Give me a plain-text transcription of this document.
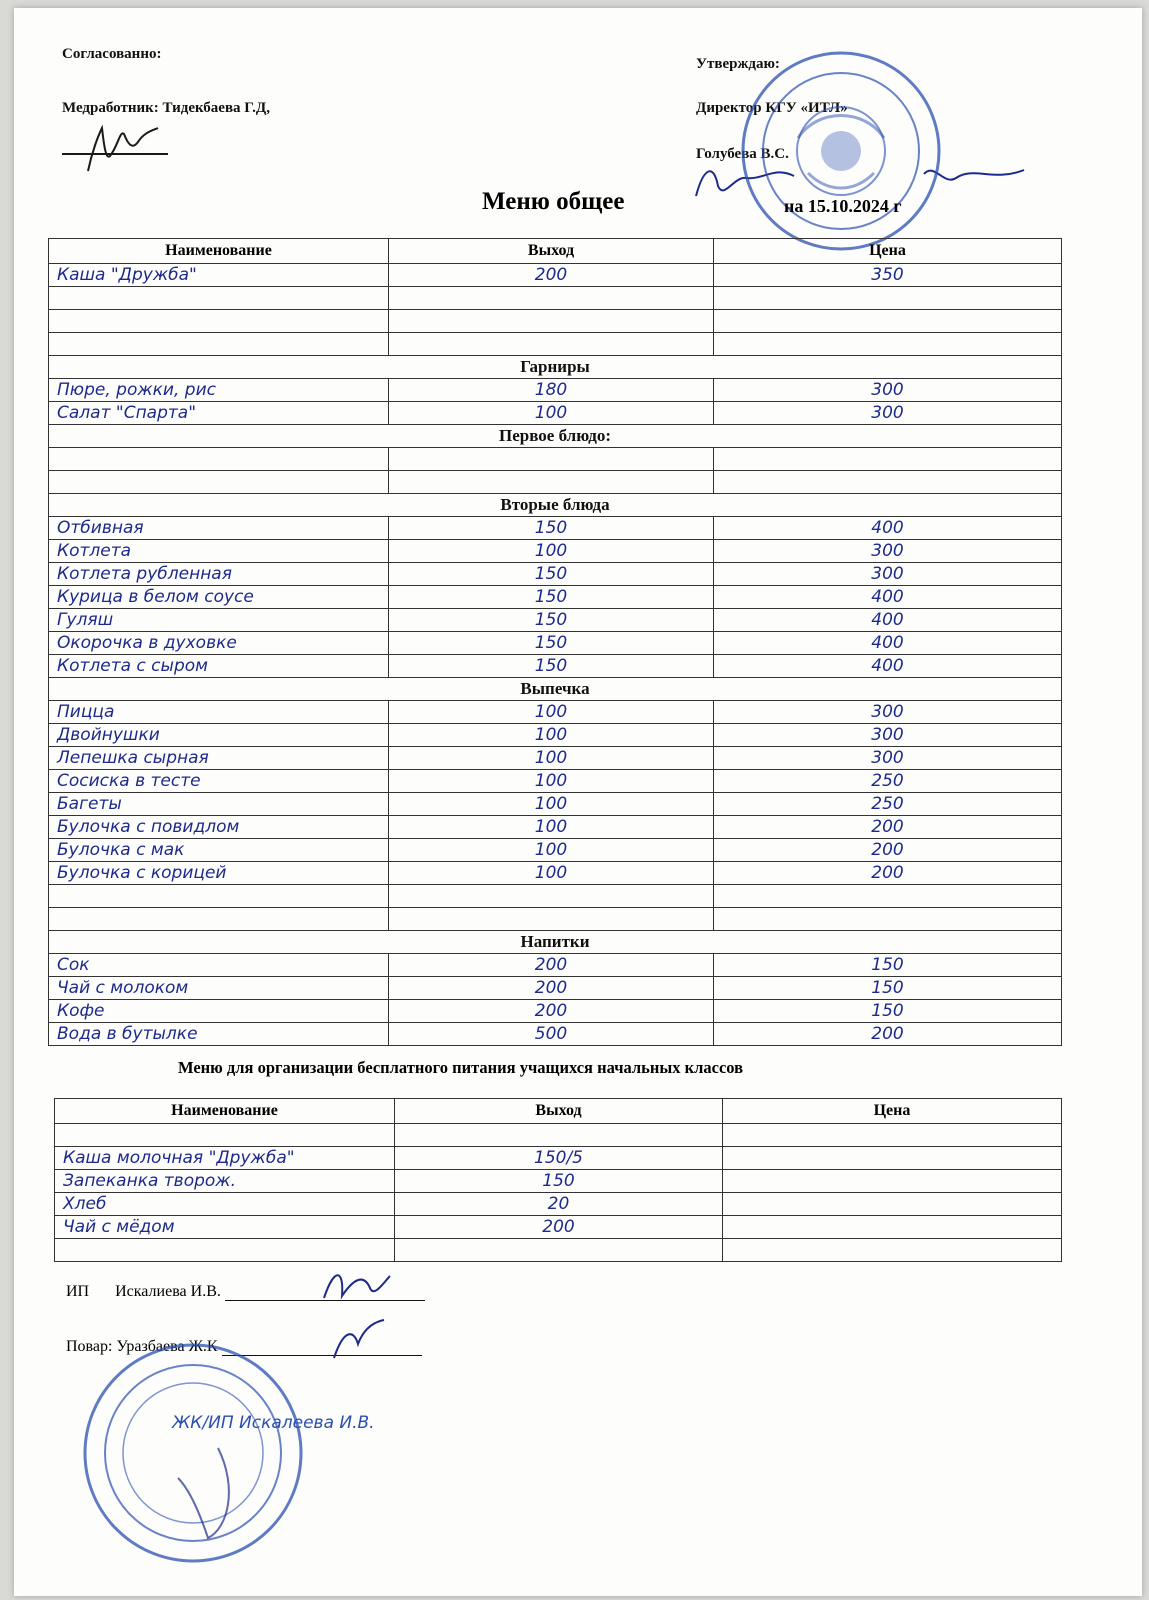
Согласованно:
Медработник: Тидекбаева Г.Д,
Утверждаю:
Директор КГУ «ИТЛ»
Голубева В.С.
Меню общее	на 15.10.2024 г
Наименование	Выход	Цена
Каша "Дружба"	200	350

Гарниры		
Пюре, рожки, рис	180	300
Салат "Спарта"	100	300
Первое блюдо:		

Вторые блюда		
Отбивная	150	400
Котлета	100	300
Котлета рубленная	150	300
Курица в белом соусе	150	400
Гуляш	150	400
Окорочка в духовке	150	400
Котлета с сыром	150	400
Выпечка		
Пицца	100	300
Двойнушки	100	300
Лепешка сырная	100	300
Сосиска в тесте	100	250
Багеты	100	250
Булочка с повидлом	100	200
Булочка с мак	100	200
Булочка с корицей	100	200

Напитки		
Сок	200	150
Чай с молоком	200	150
Кофе	200	150
Вода в бутылке	500	200
Меню для организации бесплатного питания учащихся начальных классов
Наименование	Выход	Цена

Каша молочная "Дружба"	150/5	
Запеканка творож.	150	
Хлеб	20	
Чай с мёдом	200	

ИП Искалиева И.В.
Повар: Уразбаева Ж.К
ЖК/ИП Искалеева И.В.
